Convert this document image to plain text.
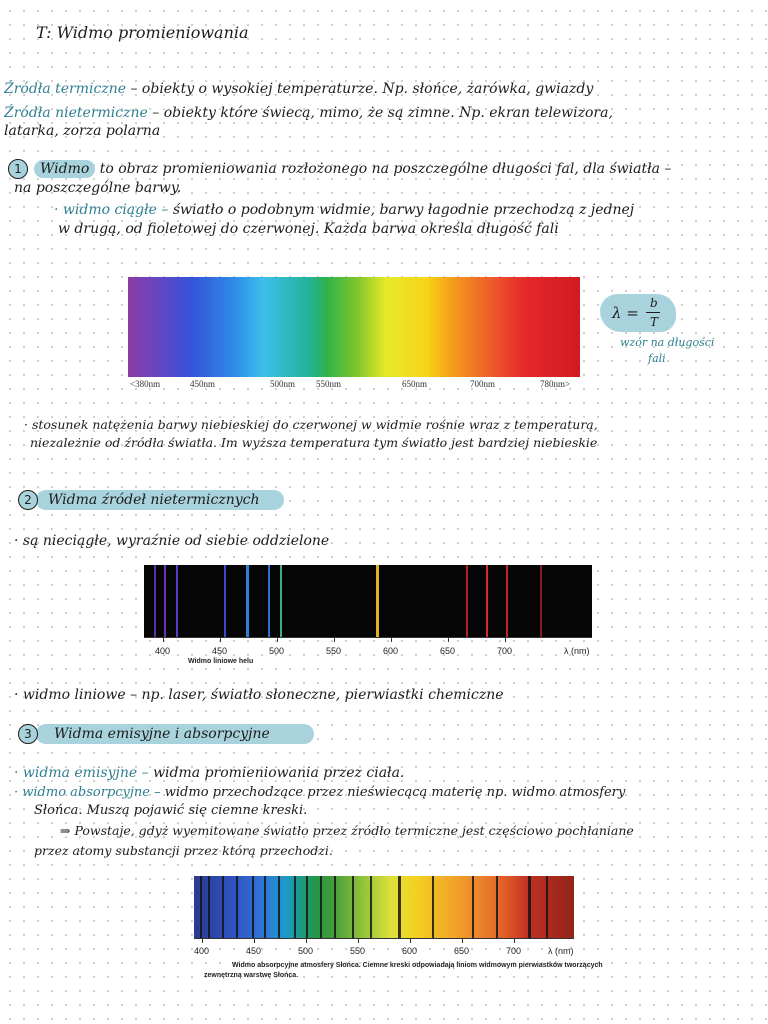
T: Widmo promieniowania
Źródła termiczne – obiekty o wysokiej temperaturze. Np. słońce, żarówka, gwiazdy
Źródła nietermiczne – obiekty które świecą, mimo, że są zimne. Np. ekran telewizora,
latarka, zorza polarna
1	Widmo to obraz promieniowania rozłożonego na poszczególne długości fal, dla światła –
na poszczególne barwy.
· widmo ciągłe – światło o podobnym widmie, barwy łagodnie przechodzą z jednej
w drugą, od fioletowej do czerwonej. Każda barwa określa długość fali
<380nm	450nm	500nm 550nm	650nm	700nm	780nm>
λ =
b
T
wzór na długości
fali
· stosunek natężenia barwy niebieskiej do czerwonej w widmie rośnie wraz z temperaturą,
niezależnie od źródła światła. Im wyższa temperatura tym światło jest bardziej niebieskie
2	Widma źródeł nietermicznych
· są nieciągłe, wyraźnie od siebie oddzielone
400	450	500	550	600	650	700	λ (nm)
Widmo liniowe helu
· widmo liniowe – np. laser, światło słoneczne, pierwiastki chemiczne
3	Widma emisyjne i absorpcyjne
· widma emisyjne – widma promieniowania przez ciała.
· widmo absorpcyjne – widmo przechodzące przez nieświecącą materię np. widmo atmosfery
Słońca. Muszą pojawić się ciemne kreski.
⇒ Powstaje, gdyż wyemitowane światło przez źródło termiczne jest częściowo pochłaniane
przez atomy substancji przez którą przechodzi.
400	450	500	550	600	650	700	λ (nm)
Widmo absorpcyjne atmosfery Słońca. Ciemne kreski odpowiadają liniom widmowym pierwiastków tworzących
zewnętrzną warstwę Słońca.
